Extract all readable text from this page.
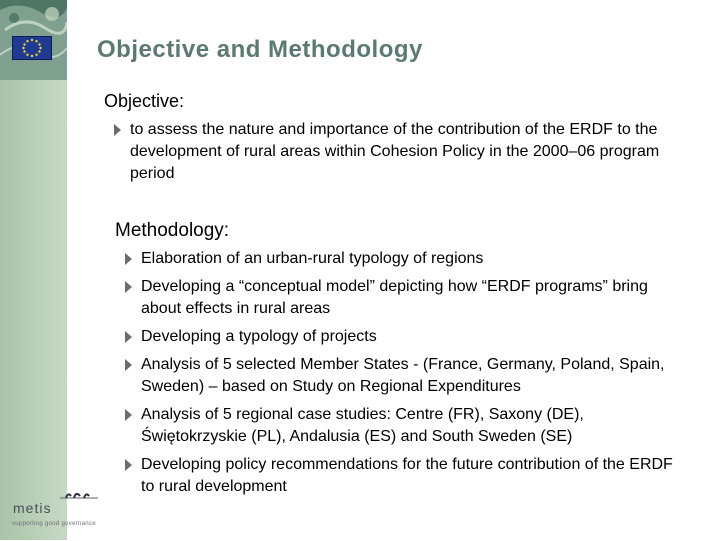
Objective and Methodology
Objective:
to assess the nature and importance of the contribution of the ERDF to the development of rural areas within Cohesion Policy in the 2000–06 program period
Methodology:
Elaboration of an urban-rural typology of regions
Developing a “conceptual model” depicting how “ERDF programs” bring about effects in rural areas
Developing a typology of projects
Analysis of 5 selected Member States - (France, Germany, Poland, Spain, Sweden) – based on Study on Regional Expenditures
Analysis of 5 regional case studies: Centre (FR), Saxony (DE), Świętokrzyskie (PL), Andalusia (ES) and South Sweden (SE)
Developing policy recommendations for the future contribution of the ERDF to rural development
metis
supporting good governance
